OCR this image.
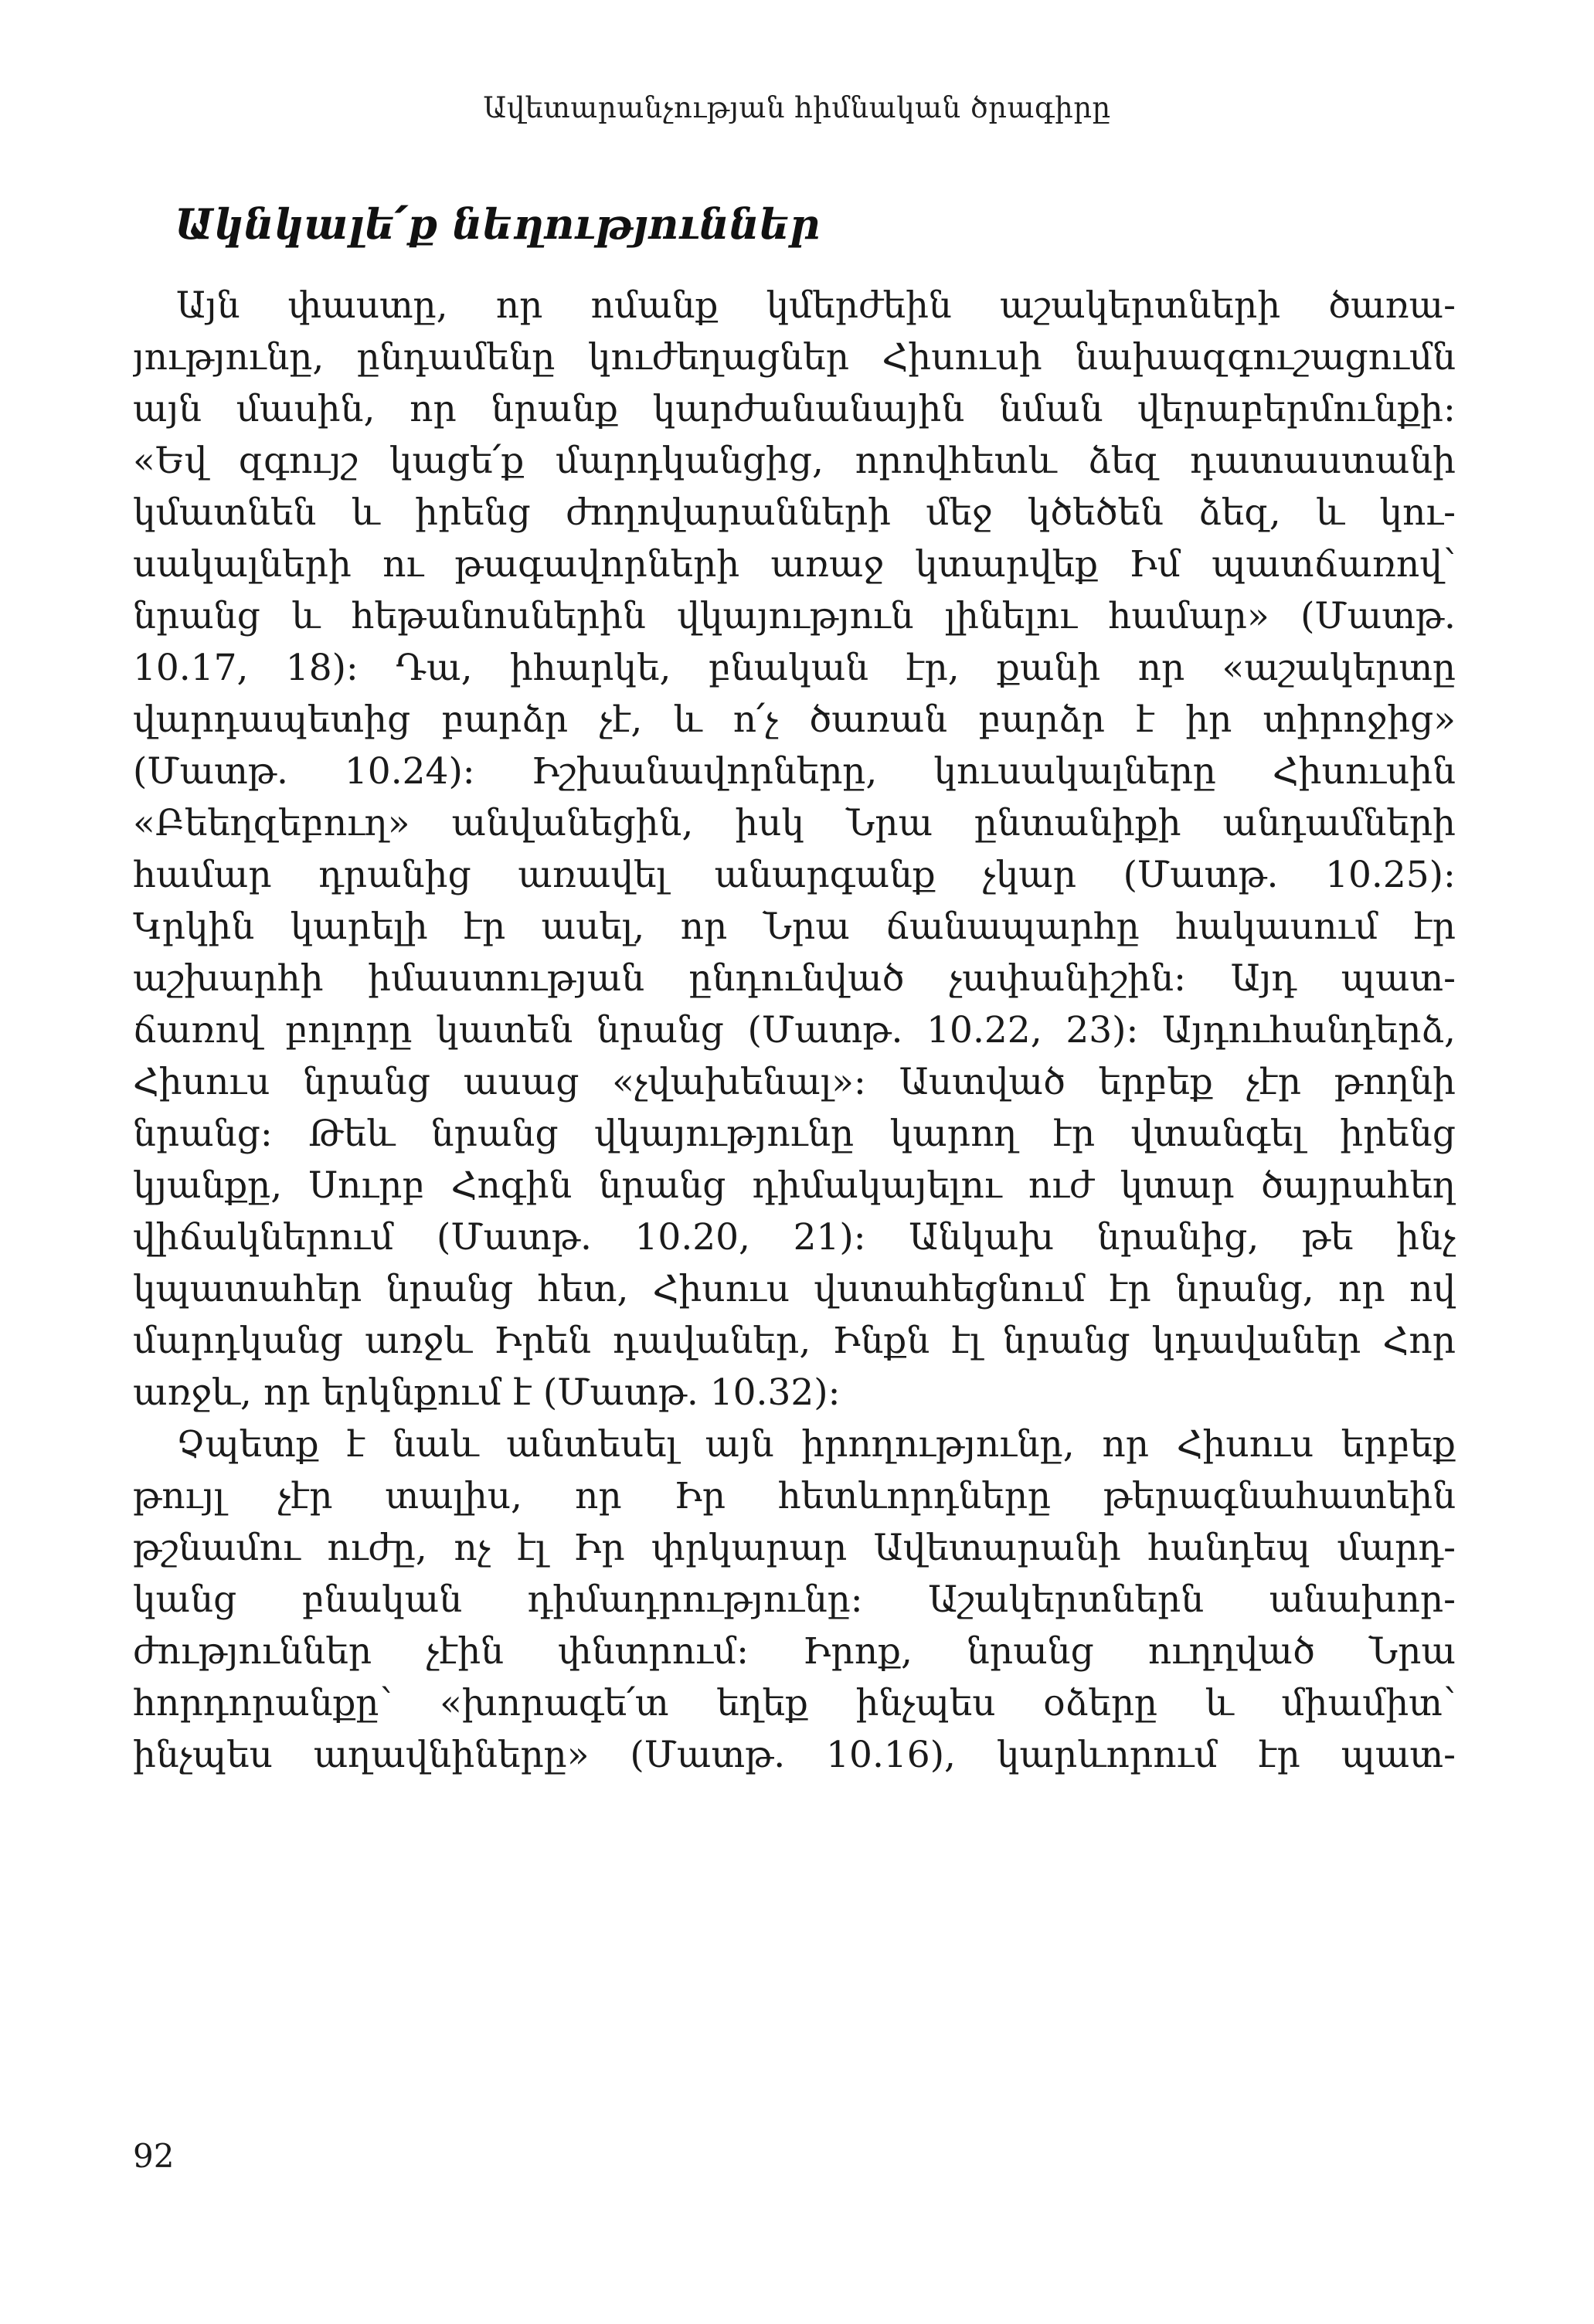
Ավետարանչության հիմնական ծրագիրը
Ակնկալե՛ք նեղություններ
Այն փաստը, որ ոմանք կմերժեին աշակերտների ծառա-
յությունը, ընդամենը կուժեղացներ Հիսուսի նախազգուշացումն
այն մասին, որ նրանք կարժանանային նման վերաբերմունքի։
«Եվ զգույշ կացե՛ք մարդկանցից, որովհետև ձեզ դատաստանի
կմատնեն և իրենց ժողովարանների մեջ կծեծեն ձեզ, և կու-
սակալների ու թագավորների առաջ կտարվեք Իմ պատճառով՝
նրանց և հեթանոսներին վկայություն լինելու համար» (Մատթ.
10.17, 18)։ Դա, իհարկե, բնական էր, քանի որ «աշակերտը
վարդապետից բարձր չէ, և ո՛չ ծառան բարձր է իր տիրոջից»
(Մատթ. 10.24)։ Իշխանավորները, կուսակալները Հիսուսին
«Բեեղզեբուղ» անվանեցին, իսկ Նրա ընտանիքի անդամների
համար դրանից առավել անարգանք չկար (Մատթ. 10.25)։
Կրկին կարելի էր ասել, որ Նրա ճանապարհը հակասում էր
աշխարհի իմաստության ընդունված չափանիշին։ Այդ պատ-
ճառով բոլորը կատեն նրանց (Մատթ. 10.22, 23)։ Այդուհանդերձ,
Հիսուս նրանց ասաց «չվախենալ»։ Աստված երբեք չէր թողնի
նրանց։ Թեև նրանց վկայությունը կարող էր վտանգել իրենց
կյանքը, Սուրբ Հոգին նրանց դիմակայելու ուժ կտար ծայրահեղ
վիճակներում (Մատթ. 10.20, 21)։ Անկախ նրանից, թե ինչ
կպատահեր նրանց հետ, Հիսուս վստահեցնում էր նրանց, որ ով
մարդկանց առջև Իրեն դավաներ, Ինքն էլ նրանց կդավաներ Հոր
առջև, որ երկնքում է (Մատթ. 10.32)։
Չպետք է նաև անտեսել այն իրողությունը, որ Հիսուս երբեք
թույլ չէր տալիս, որ Իր հետևորդները թերագնահատեին
թշնամու ուժը, ոչ էլ Իր փրկարար Ավետարանի հանդեպ մարդ-
կանց բնական դիմադրությունը։ Աշակերտներն անախոր-
ժություններ չէին փնտրում։ Իրոք, նրանց ուղղված Նրա
հորդորանքը՝ «խորագե՛տ եղեք ինչպես օձերը և միամիտ՝
ինչպես աղավնիները» (Մատթ. 10.16), կարևորում էր պատ-
92
